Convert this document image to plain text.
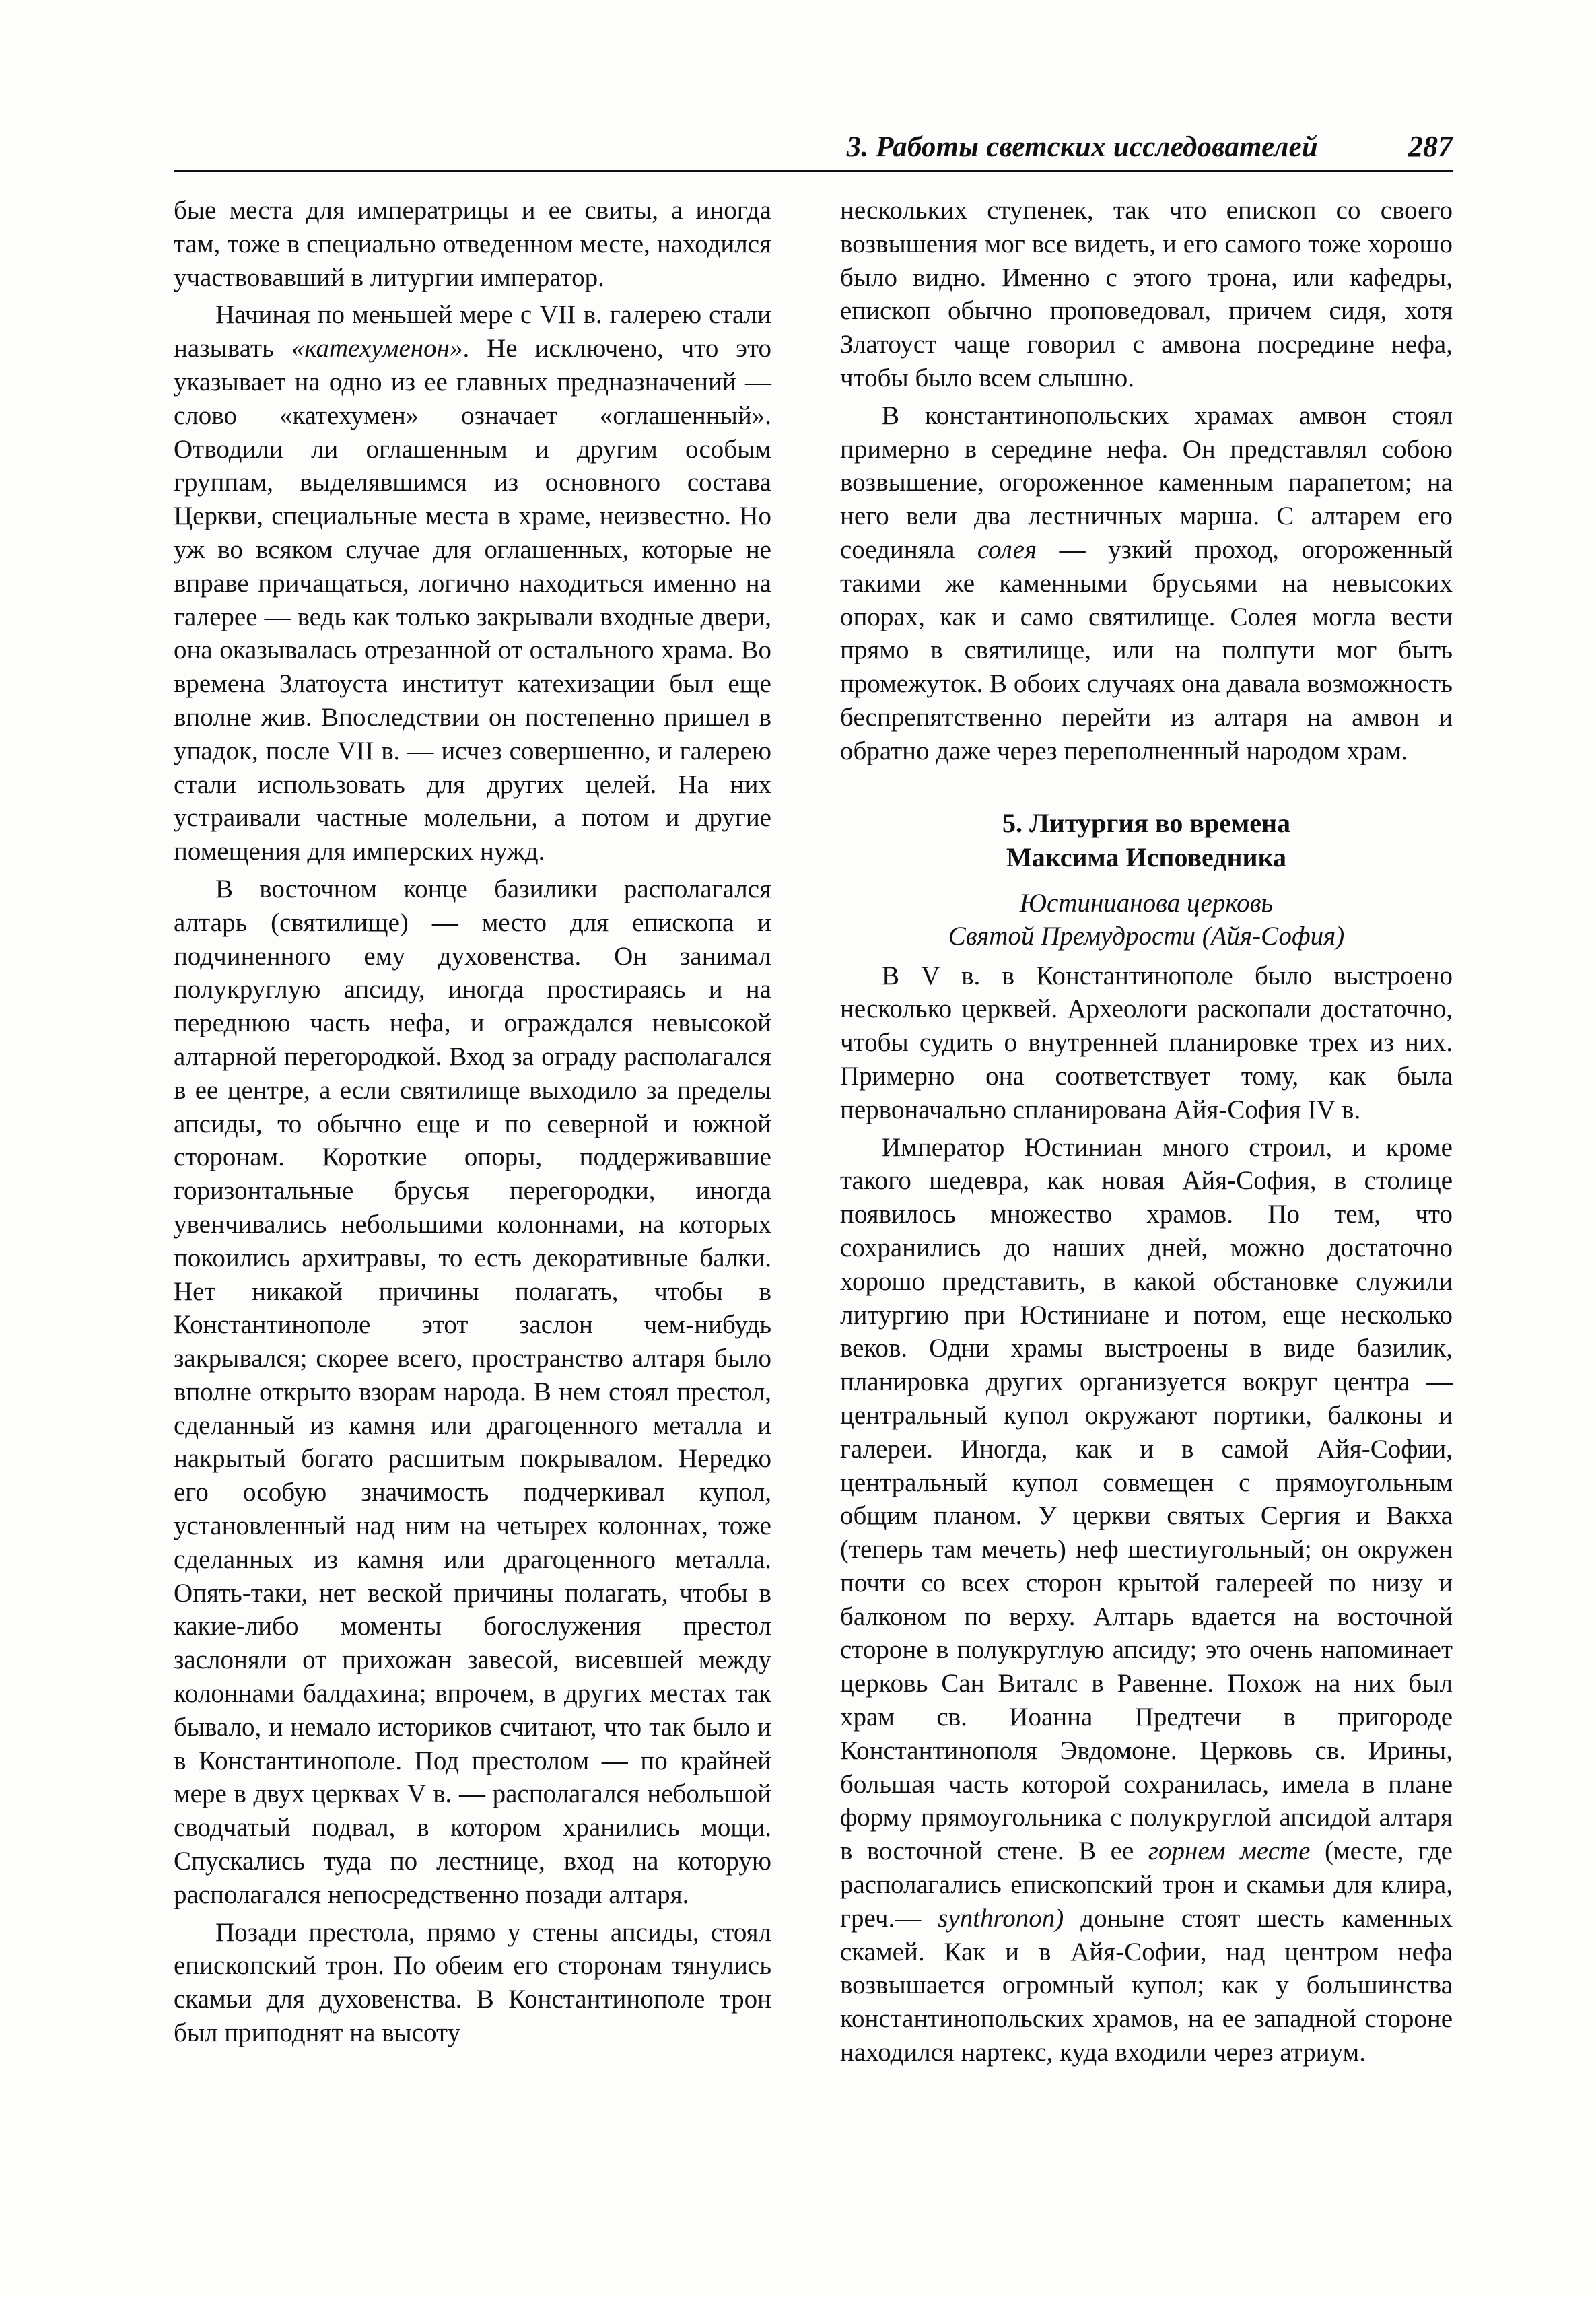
3. Работы светских исследователей	287

бые места для императрицы и ее свиты, а иногда там, тоже в специально отведенном месте, находился участвовавший в литургии император.

Начиная по меньшей мере с VII в. галерею стали называть «катехуменон». Не исключено, что это указывает на одно из ее главных предназначений — слово «катехумен» означает «оглашенный». Отводили ли оглашенным и другим особым группам, выделявшимся из основного состава Церкви, специальные места в храме, неизвестно. Но уж во всяком случае для оглашенных, которые не вправе причащаться, логично находиться именно на галерее — ведь как только закрывали входные двери, она оказывалась отрезанной от остального храма. Во времена Златоуста институт катехизации был еще вполне жив. Впоследствии он постепенно пришел в упадок, после VII в. — исчез совершенно, и галерею стали использовать для других целей. На них устраивали частные молельни, а потом и другие помещения для имперских нужд.

В восточном конце базилики располагался алтарь (святилище) — место для епископа и подчиненного ему духовенства. Он занимал полукруглую апсиду, иногда простираясь и на переднюю часть нефа, и ограждался невысокой алтарной перегородкой. Вход за ограду располагался в ее центре, а если святилище выходило за пределы апсиды, то обычно еще и по северной и южной сторонам. Короткие опоры, поддерживавшие горизонтальные брусья перегородки, иногда увенчивались небольшими колоннами, на которых покоились архитравы, то есть декоративные балки. Нет никакой причины полагать, чтобы в Константинополе этот заслон чем-нибудь закрывался; скорее всего, пространство алтаря было вполне открыто взорам народа. В нем стоял престол, сделанный из камня или драгоценного металла и накрытый богато расшитым покрывалом. Нередко его особую значимость подчеркивал купол, установленный над ним на четырех колоннах, тоже сделанных из камня или драгоценного металла. Опять-таки, нет веской причины полагать, чтобы в какие-либо моменты богослужения престол заслоняли от прихожан завесой, висевшей между колоннами балдахина; впрочем, в других местах так бывало, и немало историков считают, что так было и в Константинополе. Под престолом — по крайней мере в двух церквах V в. — располагался небольшой сводчатый подвал, в котором хранились мощи. Спускались туда по лестнице, вход на которую располагался непосредственно позади алтаря.

Позади престола, прямо у стены апсиды, стоял епископский трон. По обеим его сторонам тянулись скамьи для духовенства. В Константинополе трон был приподнят на высоту

нескольких ступенек, так что епископ со своего возвышения мог все видеть, и его самого тоже хорошо было видно. Именно с этого трона, или кафедры, епископ обычно проповедовал, причем сидя, хотя Златоуст чаще говорил с амвона посредине нефа, чтобы было всем слышно.

В константинопольских храмах амвон стоял примерно в середине нефа. Он представлял собою возвышение, огороженное каменным парапетом; на него вели два лестничных марша. С алтарем его соединяла солея — узкий проход, огороженный такими же каменными брусьями на невысоких опорах, как и само святилище. Солея могла вести прямо в святилище, или на полпути мог быть промежуток. В обоих случаях она давала возможность беспрепятственно перейти из алтаря на амвон и обратно даже через переполненный народом храм.

5. Литургия во времена
Максима Исповедника
Юстинианова церковь
Святой Премудрости (Айя-София)

В V в. в Константинополе было выстроено несколько церквей. Археологи раскопали достаточно, чтобы судить о внутренней планировке трех из них. Примерно она соответствует тому, как была первоначально спланирована Айя-София IV в.

Император Юстиниан много строил, и кроме такого шедевра, как новая Айя-София, в столице появилось множество храмов. По тем, что сохранились до наших дней, можно достаточно хорошо представить, в какой обстановке служили литургию при Юстиниане и потом, еще несколько веков. Одни храмы выстроены в виде базилик, планировка других организуется вокруг центра — центральный купол окружают портики, балконы и галереи. Иногда, как и в самой Айя-Софии, центральный купол совмещен с прямоугольным общим планом. У церкви святых Сергия и Вакха (теперь там мечеть) неф шестиугольный; он окружен почти со всех сторон крытой галереей по низу и балконом по верху. Алтарь вдается на восточной стороне в полукруглую апсиду; это очень напоминает церковь Сан Виталс в Равенне. Похож на них был храм св. Иоанна Предтечи в пригороде Константинополя Эвдомоне. Церковь св. Ирины, большая часть которой сохранилась, имела в плане форму прямоугольника с полукруглой апсидой алтаря в восточной стене. В ее горнем месте (месте, где располагались епископский трон и скамьи для клира, греч.— synthronon) доныне стоят шесть каменных скамей. Как и в Айя-Софии, над центром нефа возвышается огромный купол; как у большинства константинопольских храмов, на ее западной стороне находился нартекс, куда входили через атриум.
